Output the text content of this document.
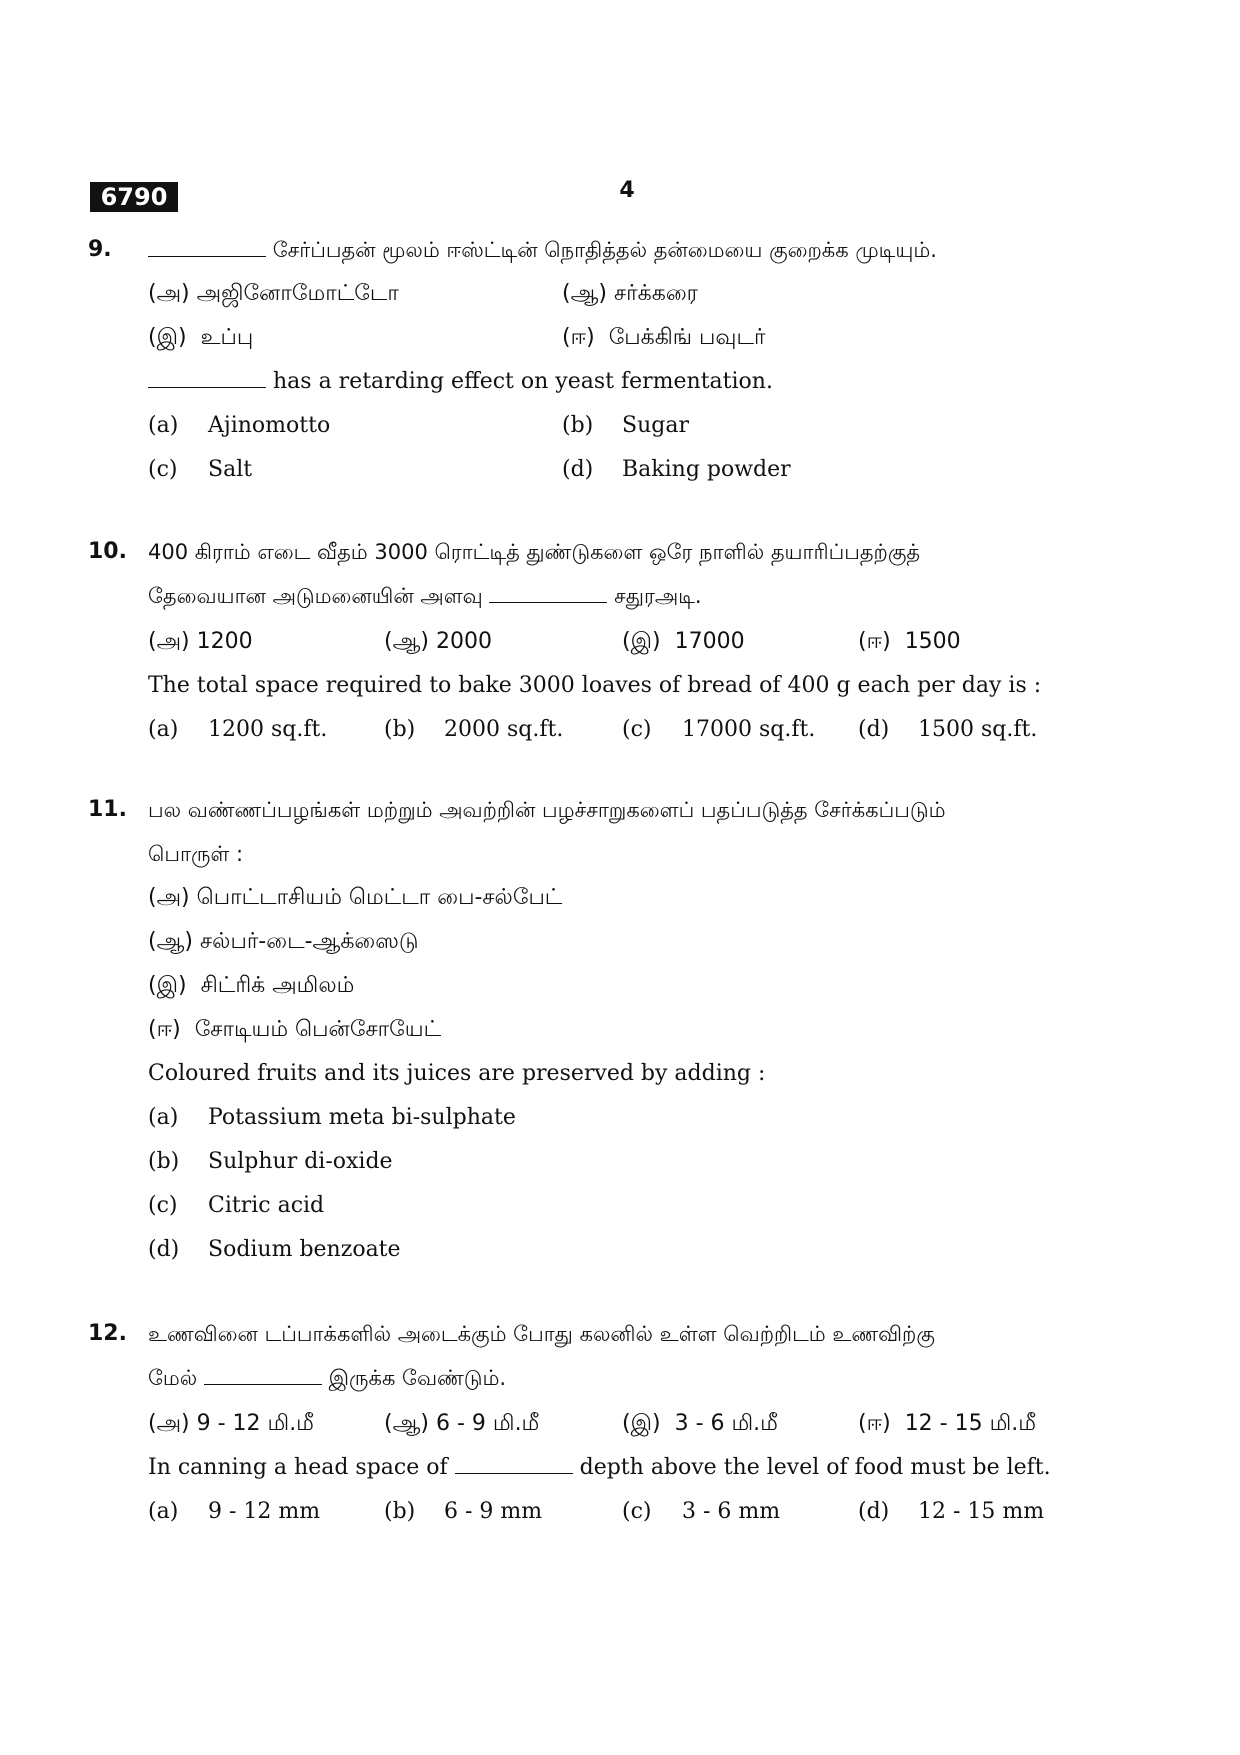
6790	4
9.	சேர்ப்பதன் மூலம் ஈஸ்ட்டின் நொதித்தல் தன்மையை குறைக்க முடியும்.
(அ) அஜினோமோட்டோ	(ஆ) சர்க்கரை
(இ) உப்பு	(ஈ) பேக்கிங் பவுடர்
has a retarding effect on yeast fermentation.
(a) Ajinomotto	(b) Sugar
(c) Salt	(d) Baking powder
10. 400 கிராம் எடை வீதம் 3000 ரொட்டித் துண்டுகளை ஒரே நாளில் தயாரிப்பதற்குத்
தேவையான அடுமனையின் அளவு	சதுரஅடி.
(அ) 1200	(ஆ) 2000	(இ) 17000	(ஈ) 1500
The total space required to bake 3000 loaves of bread of 400 g each per day is :
(a) 1200 sq.ft.	(b) 2000 sq.ft.	(c) 17000 sq.ft. (d) 1500 sq.ft.
11. பல வண்ணப்பழங்கள் மற்றும் அவற்றின் பழச்சாறுகளைப் பதப்படுத்த சேர்க்கப்படும்
பொருள் :
(அ) பொட்டாசியம் மெட்டா பை-சல்பேட்
(ஆ) சல்பர்-டை-ஆக்ஸைடு
(இ) சிட்ரிக் அமிலம்
(ஈ) சோடியம் பென்சோயேட்
Coloured fruits and its juices are preserved by adding :
(a) Potassium meta bi-sulphate
(b) Sulphur di-oxide
(c) Citric acid
(d) Sodium benzoate
12. உணவினை டப்பாக்களில் அடைக்கும் போது கலனில் உள்ள வெற்றிடம் உணவிற்கு
மேல்	இருக்க வேண்டும்.
(அ) 9 - 12 மி.மீ	(ஆ) 6 - 9 மி.மீ	(இ) 3 - 6 மி.மீ	(ஈ) 12 - 15 மி.மீ
In canning a head space of	depth above the level of food must be left.
(a) 9 - 12 mm	(b) 6 - 9 mm	(c) 3 - 6 mm	(d) 12 - 15 mm
